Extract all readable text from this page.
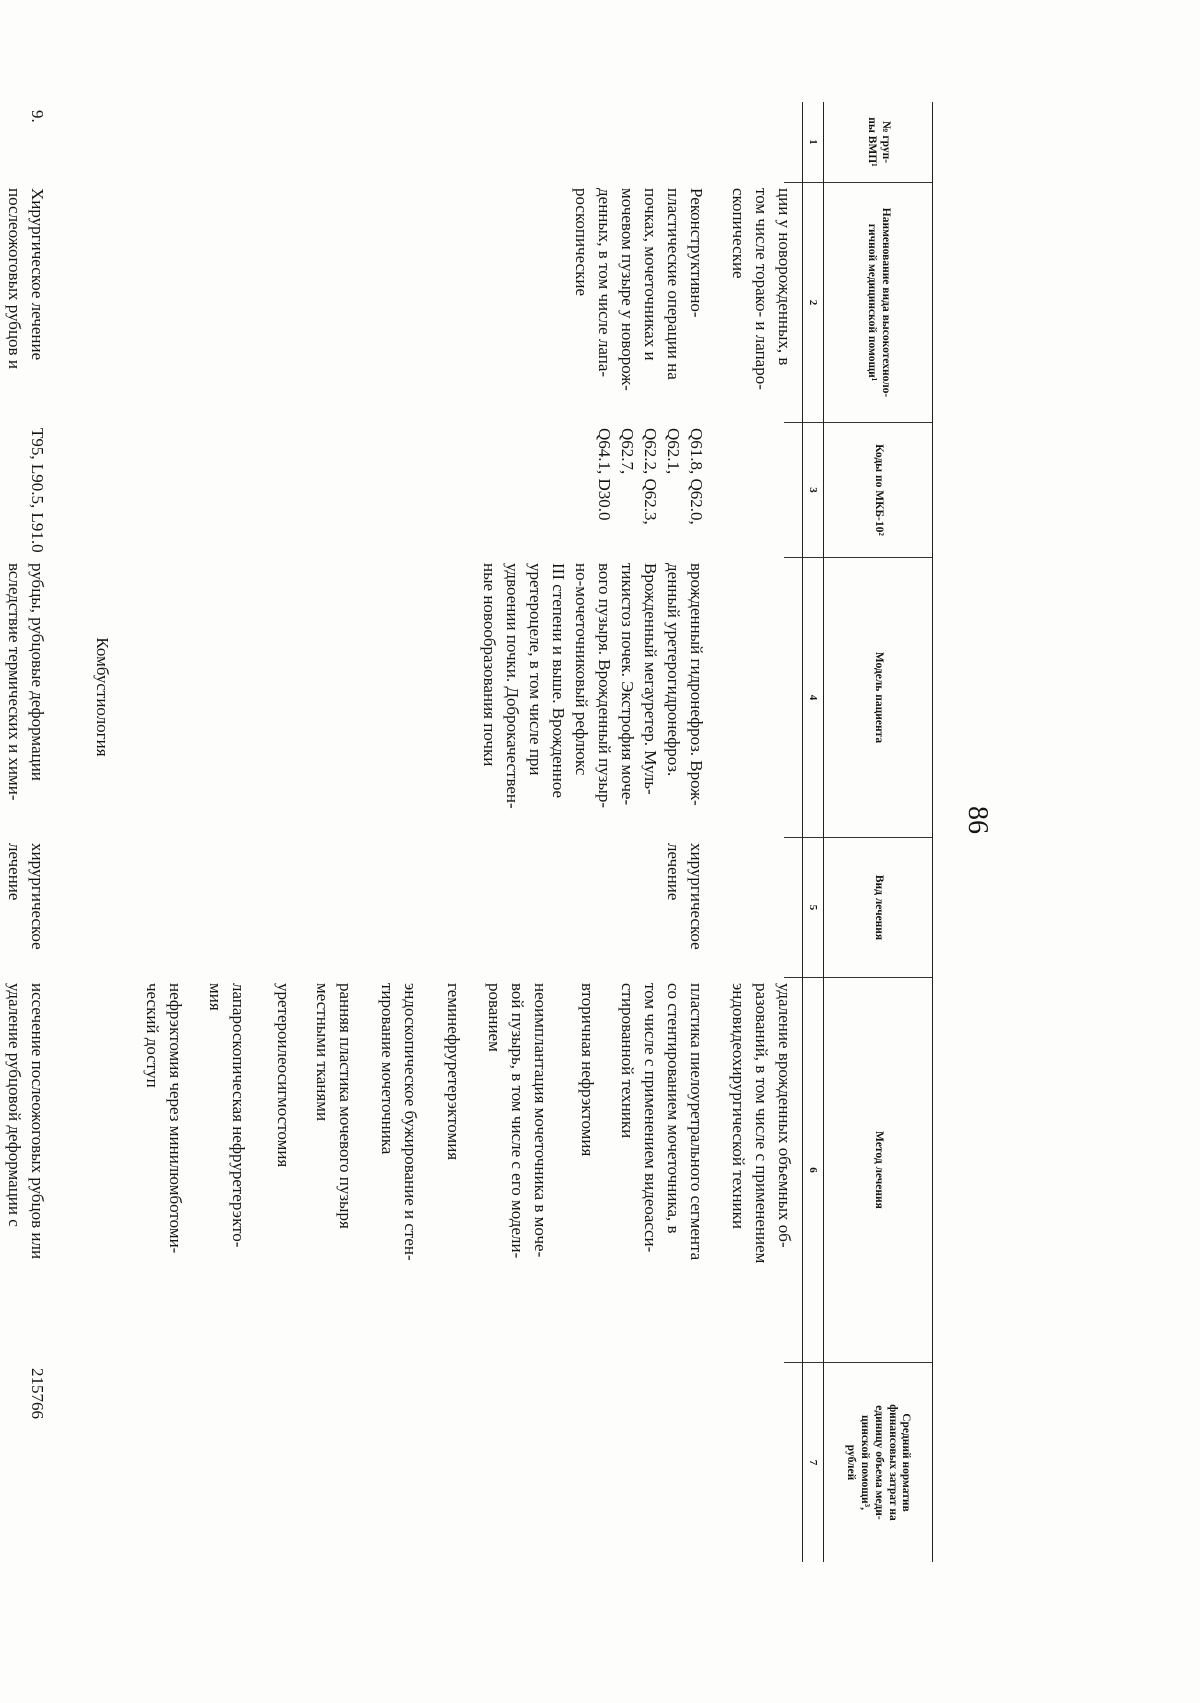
86
№ груп-
пы ВМП¹
Наименование вида высокотехноло-
гичной медицинской помощи¹
Коды по МКБ-10²
Модель пациента
Вид лечения
Метод лечения
Средний норматив
финансовых затрат на
единицу объема меди-
цинской помощи³,
рублей
1
2
3
4
5
6
7
ции у новорожденных, в
том числе торако- и лапаро-
скопические
удаление врожденных объемных об-
разований, в том числе с применением
эндовидеохирургической техники
Реконструктивно-
пластические операции на
почках, мочеточниках и
мочевом пузыре у новорож-
денных, в том числе лапа-
роскопические
Q61.8, Q62.0, Q62.1,
Q62.2, Q62.3, Q62.7,
Q64.1, D30.0
врожденный гидронефроз. Врож-
денный уретерогидронефроз.
Врожденный мегауретер. Муль-
тикистоз почек. Экстрофия моче-
вого пузыря. Врожденный пузыр-
но-мочеточниковый рефлюкс
III степени и выше. Врожденное
уретероцеле, в том числе при
удвоении почки. Доброкачествен-
ные новообразования почки
хирургическое
лечение
пластика пиелоуретрального сегмента
со стентированием мочеточника, в
том числе с применением видеоасси-
стированной техники
вторичная нефрэктомия
неоимплантация мочеточника в моче-
вой пузырь, в том числе с его модели-
рованием
геминефруретерэктомия
эндоскопическое бужирование и стен-
тирование мочеточника
ранняя пластика мочевого пузыря
местными тканями
уретероилеосигмостомия
лапароскопическая нефруретерэкто-
мия
нефрэктомия через минилюмботоми-
ческий доступ
Комбустиология
9.
Хирургическое лечение
послеожоговых рубцов и
T95, L90.5, L91.0
рубцы, рубцовые деформации
вследствие термических и хими-
хирургическое
лечение
иссечение послеожоговых рубцов или
удаление рубцовой деформации с
215766
